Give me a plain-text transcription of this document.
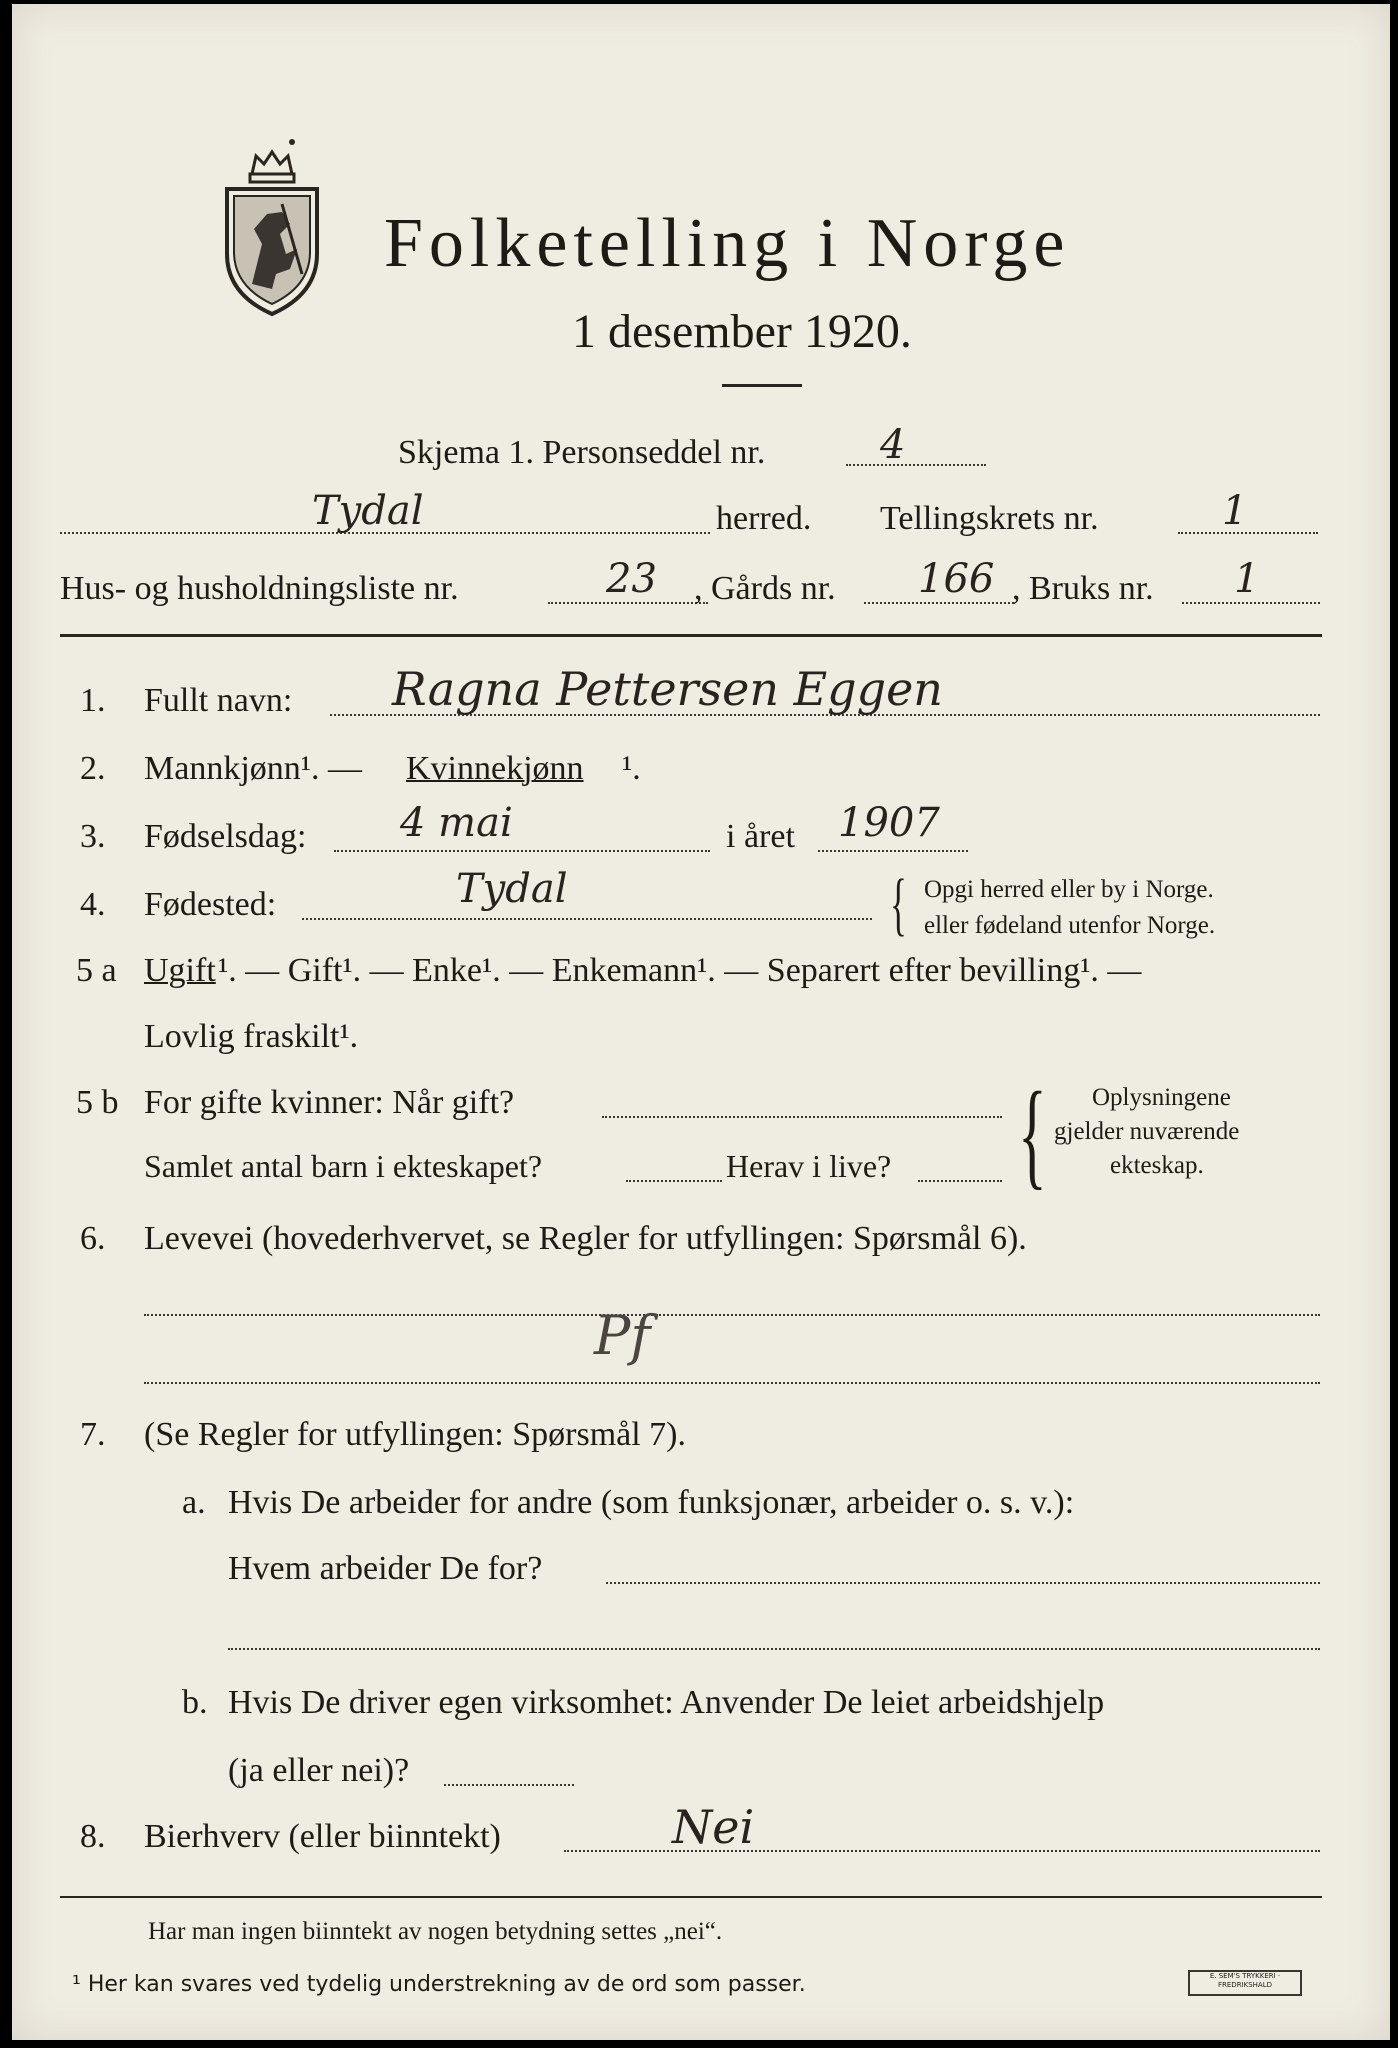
Folketelling i Norge
1 desember 1920.
Skjema 1. Personseddel nr.	4
Tydal	herred. Tellingskrets nr.	1
Hus- og husholdningsliste nr.	23 , Gårds nr. 166 , Bruks nr. 1
1. Fullt navn: Ragna Pettersen Eggen
2. Mannkjønn¹. — Kvinnekjønn ¹.
3. Fødselsdag: 4 mai	i året 1907
4. Fødested:	Tydal	{ Opgi herred eller by i Norge.
eller fødeland utenfor Norge.
5 a Ugift ¹. — Gift¹. — Enke¹. — Enkemann¹. — Separert efter bevilling¹. —
Lovlig fraskilt¹.
5 b For gifte kvinner: Når gift?
Samlet antal barn i ekteskapet?	Herav i live? { Oplysningene
gjelder nuværende
ekteskap.
6. Levevei (hovederhvervet, se Regler for utfyllingen: Spørsmål 6).
Pf
7. (Se Regler for utfyllingen: Spørsmål 7).
a. Hvis De arbeider for andre (som funksjonær, arbeider o. s. v.):
Hvem arbeider De for?
b. Hvis De driver egen virksomhet: Anvender De leiet arbeidshjelp
(ja eller nei)?
8. Bierhverv (eller biinntekt)	Nei
Har man ingen biinntekt av nogen betydning settes „nei“.
¹ Her kan svares ved tydelig understrekning av de ord som passer.	E. SEM'S TRYKKERI · FREDRIKSHALD
